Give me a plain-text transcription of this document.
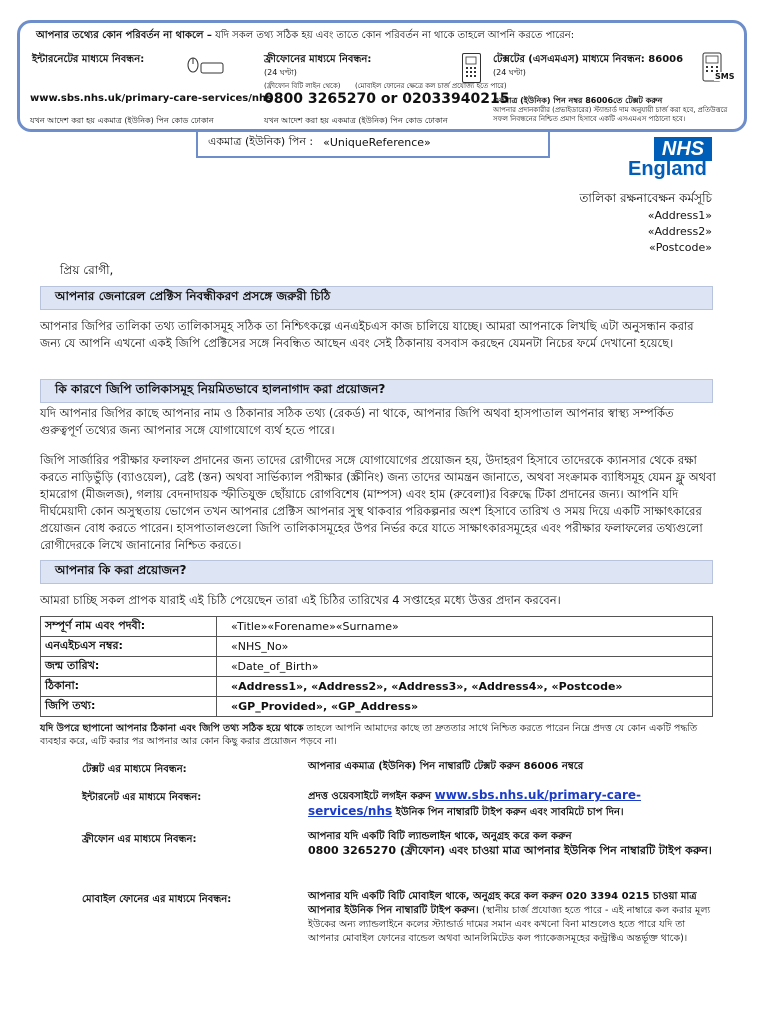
আপনার তথ্যের কোন পরিবর্তন না থাকলে – যদি সকল তথ্য সঠিক হয় এবং তাতে কোন পরিবর্তন না থাকে তাহলে আপনি করতে পারেন:
ইন্টারনেটের মাধ্যমে নিবন্ধন:
www.sbs.nhs.uk/primary-care-services/nhs
যখন আদেশ করা হয় একমাত্র (ইউনিক) পিন কোড ঢোকান
ফ্রীফোনের মাধ্যমে নিবন্ধন:
(24 ঘণ্টা)
(ফ্রীফোন বিটি লাইন থেকে) (মোবাইল ফোনের ক্ষেত্রে কল চার্জ প্রযোজ্য হতে পারে)
0800 3265270 or 02033940215
যখন আদেশ করা হয় একমাত্র (ইউনিক) পিন কোড ঢোকান
টেক্সটের (এসএমএস) মাধ্যমে নিবন্ধন: 86006
(24 ঘণ্টা)	SMS
একমাত্র (ইউনিক) পিন নম্বর 86006তে টেক্সট করুন
আপনার প্রদানকারীর (প্রভাইডারের) স্ট্যান্ডার্ড দাম অনুযায়ী চার্জ করা হবে, প্রতিউত্তরে সফল নিবন্ধনের নিশ্চিত প্রমাণ হিসাবে একটি এসএমএস পাঠানো হবে।
একমাত্র (ইউনিক) পিন : «UniqueReference»	NHS
England
তালিকা রক্ষনাবেক্ষন কর্মসূচি
«Address1»
«Address2»
«Postcode»
প্রিয় রোগী,
আপনার জেনারেল প্রেক্টিস নিবন্ধীকরণ প্রসঙ্গে জরুরী চিঠি
আপনার জিপির তালিকা তথ্য তালিকাসমূহ সঠিক তা নিশ্চিৎকল্পে এনএইচএস কাজ চালিয়ে যাচ্ছে। আমরা আপনাকে লিখছি এটা অনুসন্ধান করার জন্য যে আপনি এখনো একই জিপি প্রেক্টিসের সঙ্গে নিবন্ধিত আছেন এবং সেই ঠিকানায় বসবাস করছেন যেমনটা নিচের ফর্মে দেখানো হয়েছে।
কি কারণে জিপি তালিকাসমূহ নিয়মিতভাবে হালনাগাদ করা প্রয়োজন?
যদি আপনার জিপির কাছে আপনার নাম ও ঠিকানার সঠিক তথ্য (রেকর্ড) না থাকে, আপনার জিপি অথবা হাসপাতাল আপনার স্বাস্থ্য সম্পর্কিত গুরুত্বপূর্ণ তথ্যের জন্য আপনার সঙ্গে যোগাযোগে ব্যর্থ হতে পারে।
জিপি সার্জারির পরীক্ষার ফলাফল প্রদানের জন্য তাদের রোগীদের সঙ্গে যোগাযোগের প্রয়োজন হয়, উদাহরণ হিসাবে তাদেরকে ক্যানসার থেকে রক্ষা করতে নাড়িভুঁড়ি (ব্যাওয়েল), ব্রেষ্ট (স্তন) অথবা সার্ভিক্যাল পরীক্ষার (স্ক্রীনিং) জন্য তাদের আমন্ত্রন জানাতে, অথবা সংক্রামক ব্যাধিসমূহ যেমন ফ্লু অথবা হামরোগ (মীজলজ), গলায় বেদনাদায়ক স্ফীতিযুক্ত ছোঁয়াচে রোগবিশেষ (মাম্পস) এবং হাম (রুবেলা)র বিরুদ্ধে টিকা প্রদানের জন্য। আপনি যদি দীর্ঘমেয়াদী কোন অসুস্থতায় ভোগেন তখন আপনার প্রেক্টিস আপনার সুস্থ থাকবার পরিকল্পনার অংশ হিসাবে তারিখ ও সময় দিয়ে একটি সাক্ষাৎকারের প্রয়োজন বোধ করতে পারেন। হাসপাতালগুলো জিপি তালিকাসমূহের উপর নির্ভর করে যাতে সাক্ষাৎকারসমূহের এবং পরীক্ষার ফলাফলের তথ্যগুলো রোগীদেরকে লিখে জানানোর নিশ্চিত করতে।
আপনার কি করা প্রয়োজন?
আমরা চাচ্ছি সকল প্রাপক যারাই এই চিঠি পেয়েছেন তারা এই চিঠির তারিখের 4 সপ্তাহের মধ্যে উত্তর প্রদান করবেন।
সম্পূর্ণ নাম এবং পদবী:	«Title»«Forename»«Surname»
এনএইচএস নম্বর:	«NHS_No»
জন্ম তারিখ:	«Date_of_Birth»
ঠিকানা:	«Address1», «Address2», «Address3», «Address4», «Postcode»
জিপি তথ্য:	«GP_Provided», «GP_Address»
যদি উপরে ছাপানো আপনার ঠিকানা এবং জিপি তথ্য সঠিক হয়ে থাকে তাহলে আপনি আমাদের কাছে তা দ্রুততার সাথে নিশ্চিত করতে পারেন নিম্নে প্রদত্ত যে কোন একটি পদ্ধতি ব্যবহার করে, এটি করার পর আপনার আর কোন কিছু করার প্রয়োজন পড়বে না।
টেক্সট এর মাধ্যমে নিবন্ধন:	আপনার একমাত্র (ইউনিক) পিন নাম্বারটি টেক্সট করুন 86006 নম্বরে
ইন্টারনেট এর মাধ্যমে নিবন্ধন:	প্রদত্ত ওয়েবসাইটে লগইন করুন www.sbs.nhs.uk/primary-care-services/nhs ইউনিক পিন নাম্বারটি টাইপ করুন এবং সাবমিটে চাপ দিন।
ফ্রীফোন এর মাধ্যমে নিবন্ধন:	আপনার যদি একটি বিটি ল্যান্ডলাইন থাকে, অনুগ্রহ করে কল করুন
0800 3265270 (ফ্রীফোন) এবং চাওয়া মাত্র আপনার ইউনিক পিন নাম্বারটি টাইপ করুন।
মোবাইল ফোনের এর মাধ্যমে নিবন্ধন:	আপনার যদি একটি বিটি মোবাইল থাকে, অনুগ্রহ করে কল করুন 020 3394 0215 চাওয়া মাত্র আপনার ইউনিক পিন নাম্বারটি টাইপ করুন। (স্থানীয় চার্জ প্রযোজ্য হতে পারে - এই নাম্বারে কল করার মূল্য ইউকের অন্য ল্যান্ডলাইনে কলের স্ট্যান্ডার্ড দামের সমান এবং কখনো বিনা মাশুলেও হতে পারে যদি তা আপনার মোবাইল ফোনের বান্ডেল অথবা আনলিমিটেড কল প্যাকেজসমূহের কন্ট্রাক্টএ অন্তর্ভূক্ত থাকে)।
